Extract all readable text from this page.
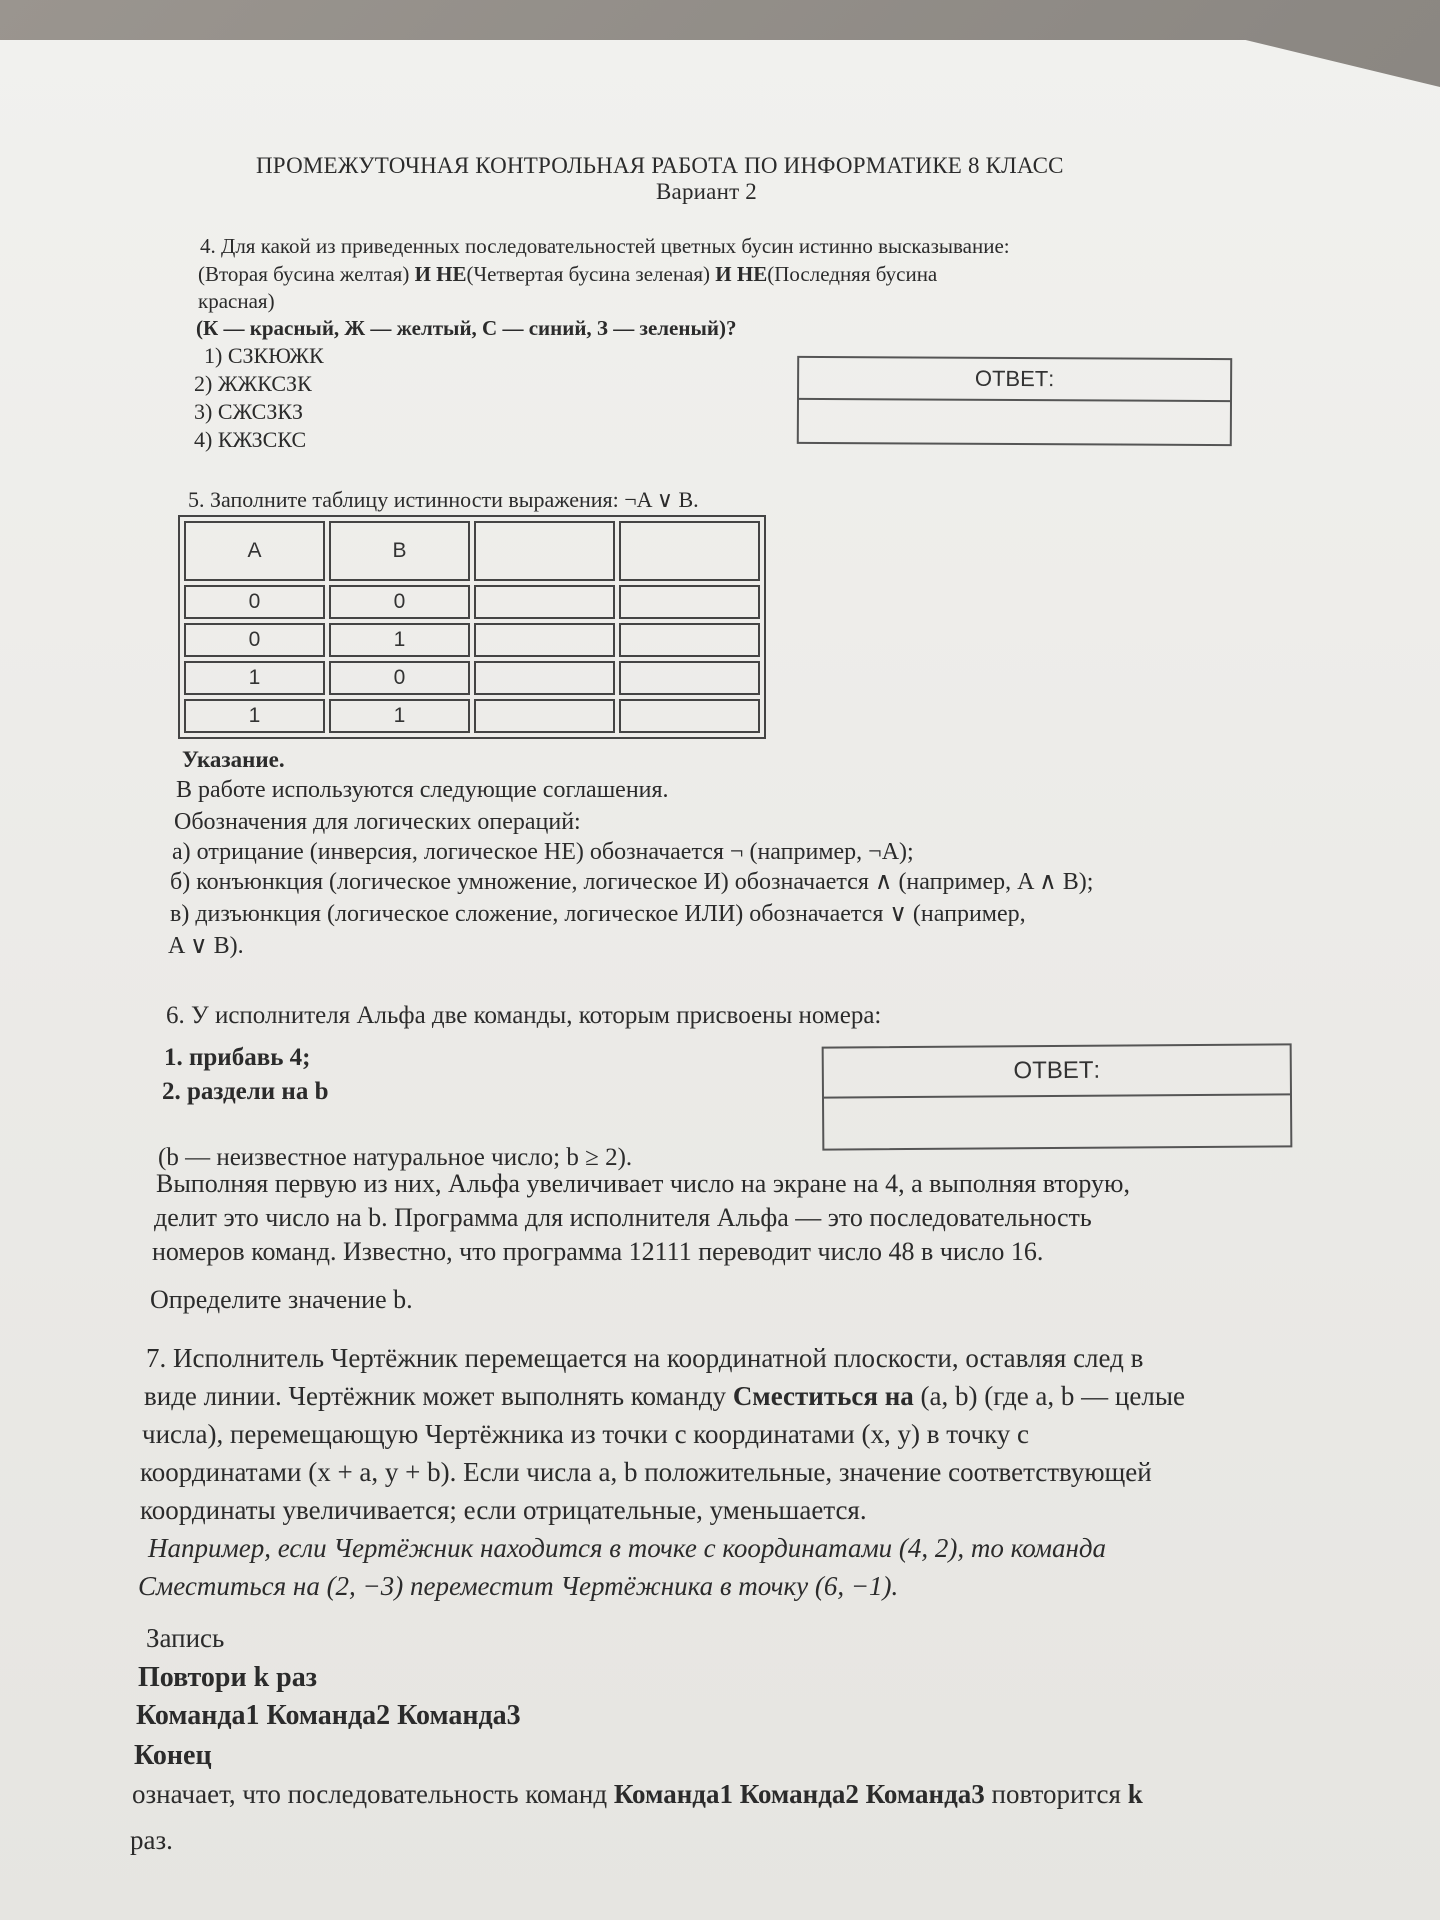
ПРОМЕЖУТОЧНАЯ КОНТРОЛЬНАЯ РАБОТА ПО ИНФОРМАТИКЕ 8 КЛАСС
Вариант 2
4. Для какой из приведенных последовательностей цветных бусин истинно высказывание:
(Вторая бусина желтая) И НЕ(Четвертая бусина зеленая) И НЕ(Последняя бусина
красная)
(К — красный, Ж — желтый, С — синий, З — зеленый)?
1) СЗКЮЖК
2) ЖЖКСЗК
3) СЖСЗКЗ
4) КЖЗСКС
ОТВЕТ:
5. Заполните таблицу истинности выражения: ¬A ∨ B.
A	B		
0	0		
0	1		
1	0		
1	1		
Указание.
В работе используются следующие соглашения.
Обозначения для логических операций:
а) отрицание (инверсия, логическое НЕ) обозначается ¬ (например, ¬A);
б) конъюнкция (логическое умножение, логическое И) обозначается ∧ (например, A ∧ B);
в) дизъюнкция (логическое сложение, логическое ИЛИ) обозначается ∨ (например,
A ∨ B).
6. У исполнителя Альфа две команды, которым присвоены номера:
1. прибавь 4;
2. раздели на b
ОТВЕТ:
(b — неизвестное натуральное число; b ≥ 2).
Выполняя первую из них, Альфа увеличивает число на экране на 4, а выполняя вторую,
делит это число на b. Программа для исполнителя Альфа — это последовательность
номеров команд. Известно, что программа 12111 переводит число 48 в число 16.
Определите значение b.
7. Исполнитель Чертёжник перемещается на координатной плоскости, оставляя след в
виде линии. Чертёжник может выполнять команду Сместиться на (a, b) (где a, b — целые
числа), перемещающую Чертёжника из точки с координатами (x, y) в точку с
координатами (x + a, y + b). Если числа a, b положительные, значение соответствующей
координаты увеличивается; если отрицательные, уменьшается.
Например, если Чертёжник находится в точке с координатами (4, 2), то команда
Сместиться на (2, −3) переместит Чертёжника в точку (6, −1).
Запись
Повтори k раз
Команда1 Команда2 Команда3
Конец
означает, что последовательность команд Команда1 Команда2 Команда3 повторится k
раз.
